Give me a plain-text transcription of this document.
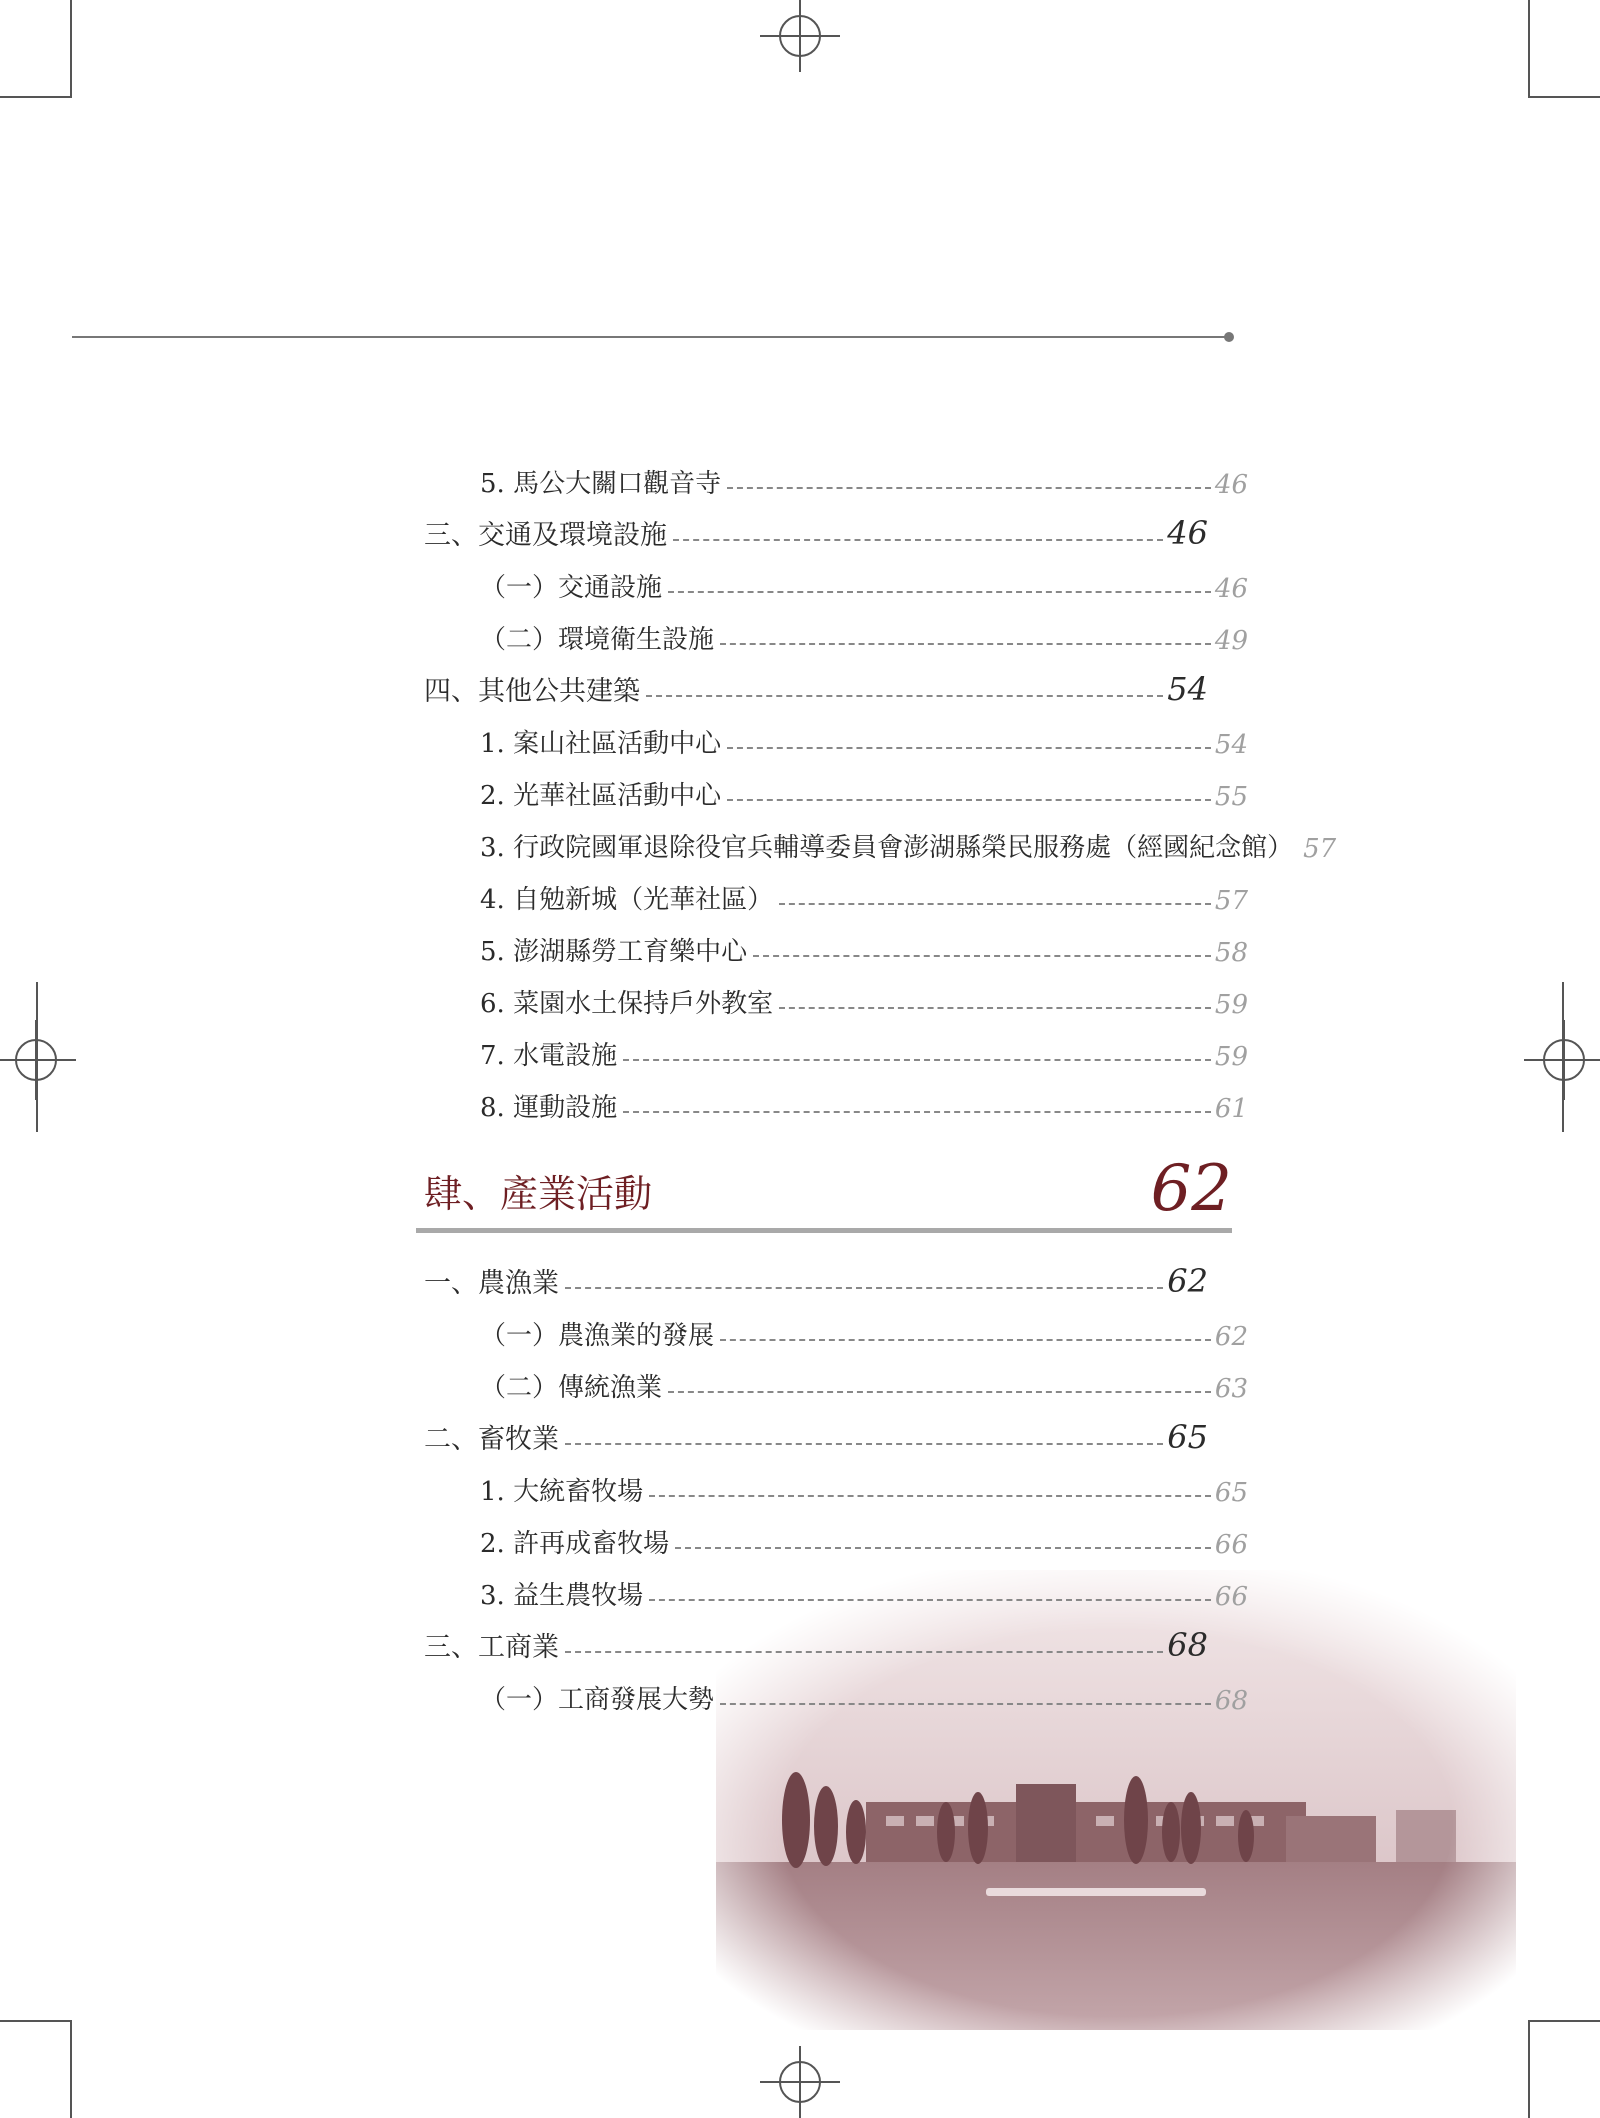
5. 馬公大關口觀音寺	46
三、交通及環境設施	46
（一）交通設施	46
（二）環境衛生設施	49
四、其他公共建築	54
1. 案山社區活動中心	54
2. 光華社區活動中心	55
3. 行政院國軍退除役官兵輔導委員會澎湖縣榮民服務處（經國紀念館） 57
4. 自勉新城（光華社區）	57
5. 澎湖縣勞工育樂中心	58
6. 菜園水土保持戶外教室	59
7. 水電設施	59
8. 運動設施	61
肆、產業活動	62
一、農漁業	62
（一）農漁業的發展	62
（二）傳統漁業	63
二、畜牧業	65
1. 大統畜牧場	65
2. 許再成畜牧場	66
3. 益生農牧場	66
三、工商業	68
（一）工商發展大勢	68
